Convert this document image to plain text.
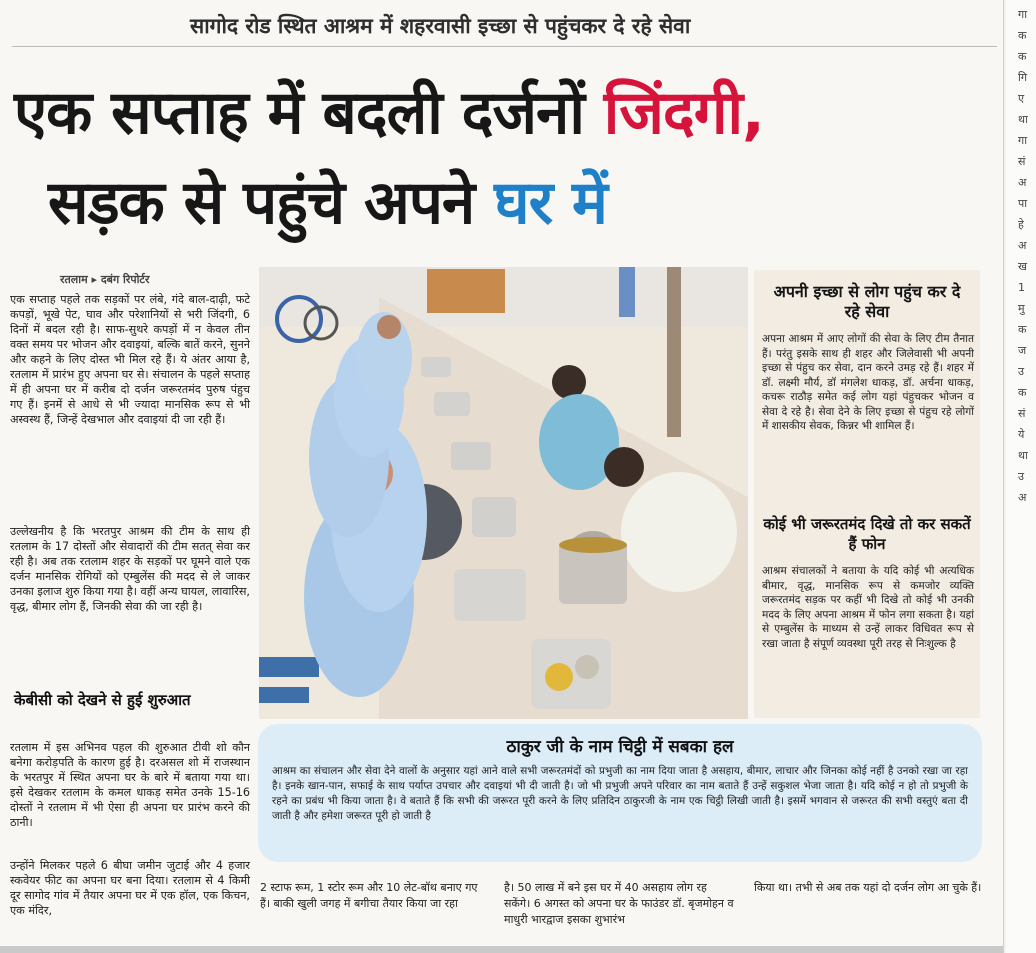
सागोद रोड स्थित आश्रम में शहरवासी इच्छा से पहुंचकर दे रहे सेवा
एक सप्ताह में बदली दर्जनों जिंदगी,
सड़क से पहुंचे अपने घर में
रतलाम ▸ दबंग रिपोर्टर
एक सप्ताह पहले तक सड़कों पर लंबे, गंदे बाल-दाढ़ी, फटे कपड़ों, भूखे पेट, घाव और परेशानियों से भरी जिंदगी, 6 दिनों में बदल रही है। साफ-सुथरे कपड़ों में न केवल तीन वक्त समय पर भोजन और दवाइयां, बल्कि बातें करने, सुनने और कहने के लिए दोस्त भी मिल रहे हैं। ये अंतर आया है, रतलाम में प्रारंभ हुए अपना घर से। संचालन के पहले सप्ताह में ही अपना घर में करीब दो दर्जन जरूरतमंद पुरुष पंहुच गए हैं। इनमें से आधे से भी ज्यादा मानसिक रूप से भी अस्वस्थ हैं, जिन्हें देखभाल और दवाइयां दी जा रही हैं।
उल्लेखनीय है कि भरतपुर आश्रम की टीम के साथ ही रतलाम के 17 दोस्तों और सेवादारों की टीम सतत् सेवा कर रही है। अब तक रतलाम शहर के सड़कों पर घूमने वाले एक दर्जन मानसिक रोगियों को एम्बुलेंस की मदद से ले जाकर उनका इलाज शुरु किया गया है। वहीं अन्य घायल, लावारिस, वृद्ध, बीमार लोग हैं, जिनकी सेवा की जा रही है।
केबीसी को देखने से हुई शुरुआत
रतलाम में इस अभिनव पहल की शुरुआत टीवी शो कौन बनेगा करोड़पति के कारण हुई है। दरअसल शो में राजस्थान के भरतपुर में स्थित अपना घर के बारे में बताया गया था। इसे देखकर रतलाम के कमल धाकड़ समेत उनके 15-16 दोस्तों ने रतलाम में भी ऐसा ही अपना घर प्रारंभ करने की ठानी।
उन्होंने मिलकर पहले 6 बीघा जमीन जुटाई और 4 हजार स्कवेयर फीट का अपना घर बना दिया। रतलाम से 4 किमी दूर सागोद गांव में तैयार अपना घर में एक हॉल, एक किचन, एक मंदिर,
अपनी इच्छा से लोग पहुंच कर दे रहे सेवा
अपना आश्रम में आए लोगों की सेवा के लिए टीम तैनात हैं। परंतु इसके साथ ही शहर और जिलेवासी भी अपनी इच्छा से पंहुच कर सेवा, दान करने उमड़ रहे हैं। शहर में डॉ. लक्ष्मी मौर्य, डॉ मंगलेश धाकड़, डॉ. अर्चना धाकड़, कचरू राठौड़ समेत कई लोग यहां पंहुचकर भोजन व सेवा दे रहे है। सेवा देने के लिए इच्छा से पंहुच रहे लोगों में शासकीय सेवक, किन्नर भी शामिल हैं।
कोई भी जरूरतमंद दिखे तो कर सकतें हैं फोन
आश्रम संचालकों ने बताया के यदि कोई भी अत्यधिक बीमार, वृद्ध, मानसिक रूप से कमजोर व्यक्ति जरूरतमंद सड़क पर कहीं भी दिखे तो कोई भी उनकी मदद के लिए अपना आश्रम में फोन लगा सकता है। यहां से एम्बुलेंस के माध्यम से उन्हें लाकर विधिवत रूप से रखा जाता है संपूर्ण व्यवस्था पूरी तरह से निःशुल्क है
ठाकुर जी के नाम चिट्ठी में सबका हल
आश्रम का संचालन और सेवा देने वालों के अनुसार यहां आने वाले सभी जरूरतमंदों को प्रभुजी का नाम दिया जाता है असहाय, बीमार, लाचार और जिनका कोई नहीं है उनको रखा जा रहा है। इनके खान-पान, सफाई के साथ पर्याप्त उपचार और दवाइयां भी दी जाती है। जो भी प्रभुजी अपने परिवार का नाम बताते हैं उन्हें सकुशल भेजा जाता है। यदि कोई न हो तो प्रभुजी के रहने का प्रबंध भी किया जाता है। वे बताते हैं कि सभी की जरूरत पूरी करने के लिए प्रतिदिन ठाकुरजी के नाम एक चिट्ठी लिखी जाती है। इसमें भगवान से जरूरत की सभी वस्तुएं बता दी जाती है और हमेशा जरूरत पूरी हो जाती है
2 स्टाफ रूम, 1 स्टोर रूम और 10 लेट-बॉथ बनाए गए हैं। बाकी खुली जगह में बगीचा तैयार किया जा रहा
है। 50 लाख में बने इस घर में 40 असहाय लोग रह सकेंगे। 6 अगस्त को अपना घर के फाउंडर डॉ. बृजमोहन व माधुरी भारद्वाज इसका शुभारंभ
किया था। तभी से अब तक यहां दो दर्जन लोग आ चुके हैं।
गा
क
क
गि
ए
था
गा
सं
अ
पा
हे
अ
ख
1
मु
क
ज
उ
क
सं
ये
था
उ
अ
